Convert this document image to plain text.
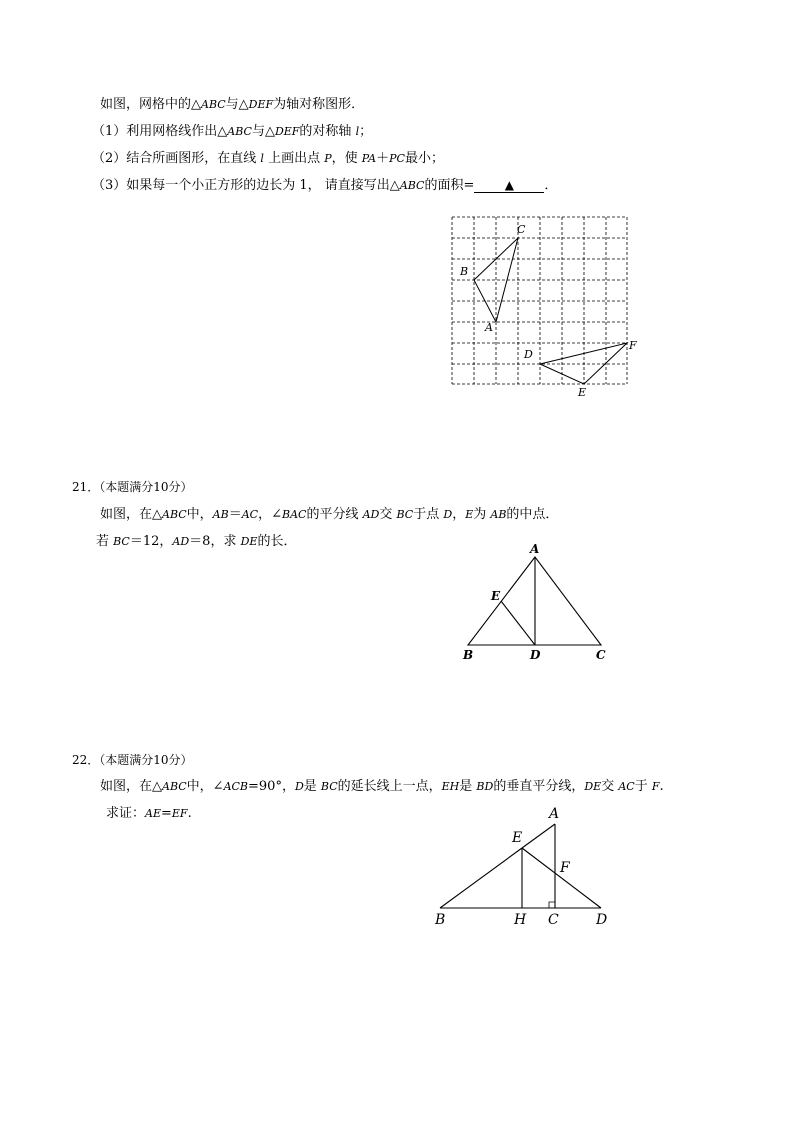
如图，网格中的△ABC与△DEF为轴对称图形．
（1）利用网格线作出△ABC与△DEF的对称轴 l；
（2）结合所画图形，在直线 l 上画出点 P，使 PA＋PC最小；
（3）如果每一个小正方形的边长为 1， 请直接写出△ABC的面积=	▲ ．
C
B
A
D
F
E
21．（本题满分10分）
如图，在△ABC中，AB＝AC，∠BAC的平分线 AD交 BC于点 D，E为 AB的中点．
若 BC＝12，AD＝8，求 DE的长．	A
E
B	D	C
22．（本题满分10分）
如图，在△ABC中，∠ACB=90°，D是 BC的延长线上一点，EH是 BD的垂直平分线，DE交 AC于 F.
求证：AE=EF.	A
E
F
B	H C	D
